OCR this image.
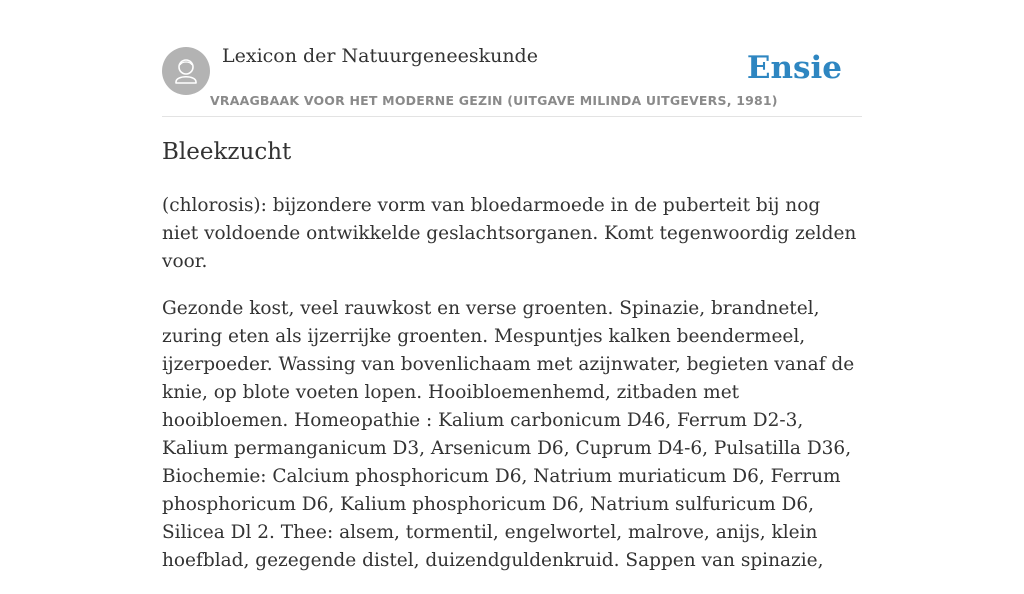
Lexicon der Natuurgeneeskunde
VRAAGBAAK VOOR HET MODERNE GEZIN (UITGAVE MILINDA UITGEVERS, 1981)
Ensie
Bleekzucht

(chlorosis): bijzondere vorm van bloedarmoede in de puberteit bij nog niet voldoende ontwikkelde geslachtsorganen. Komt tegenwoordig zelden voor.

Gezonde kost, veel rauwkost en verse groenten. Spinazie, brandnetel, zuring eten als ijzerrijke groenten. Mespuntjes kalken beendermeel, ijzerpoeder. Wassing van bovenlichaam met azijnwater, begieten vanaf de knie, op blote voeten lopen. Hooibloemenhemd, zitbaden met hooibloemen. Homeopathie : Kalium carbonicum D46, Ferrum D2-3, Kalium permanganicum D3, Arsenicum D6, Cuprum D4-6, Pulsatilla D36, Biochemie: Calcium phosphoricum D6, Natrium muriaticum D6, Ferrum phosphoricum D6, Kalium phosphoricum D6, Natrium sulfuricum D6, Silicea Dl 2. Thee: alsem, tormentil, engelwortel, malrove, anijs, klein hoefblad, gezegende distel, duizendguldenkruid. Sappen van spinazie,
